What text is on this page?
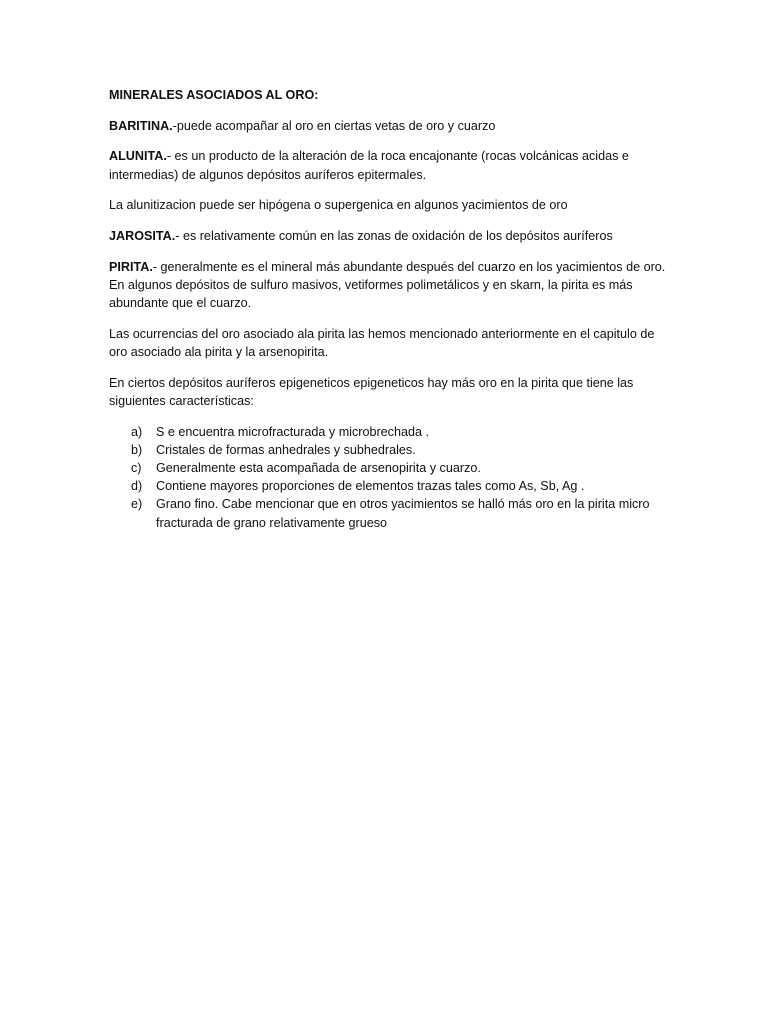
MINERALES ASOCIADOS AL ORO:

BARITINA.-puede acompañar al oro en ciertas vetas de oro y cuarzo

ALUNITA.- es un producto de la alteración de la roca encajonante (rocas volcánicas acidas e intermedias) de algunos depósitos auríferos epitermales.

La alunitizacion puede ser hipógena o supergenica en algunos yacimientos de oro

JAROSITA.- es relativamente común en las zonas de oxidación de los depósitos auríferos

PIRITA.- generalmente es el mineral más abundante después del cuarzo en los yacimientos de oro. En algunos depósitos de sulfuro masivos, vetiformes polimetálicos y en skarn, la pirita es más abundante que el cuarzo.

Las ocurrencias del oro asociado ala pirita las hemos mencionado anteriormente en el capitulo de oro asociado ala pirita y la arsenopirita.

En ciertos depósitos auríferos epigeneticos epigeneticos hay más oro en la pirita que tiene las siguientes características:

a) S e encuentra microfracturada y microbrechada .
b) Cristales de formas anhedrales y subhedrales.
c) Generalmente esta acompañada de arsenopirita y cuarzo.
d) Contiene mayores proporciones de elementos trazas tales como As, Sb, Ag .
e) Grano fino. Cabe mencionar que en otros yacimientos se halló más oro en la pirita micro fracturada de grano relativamente grueso
